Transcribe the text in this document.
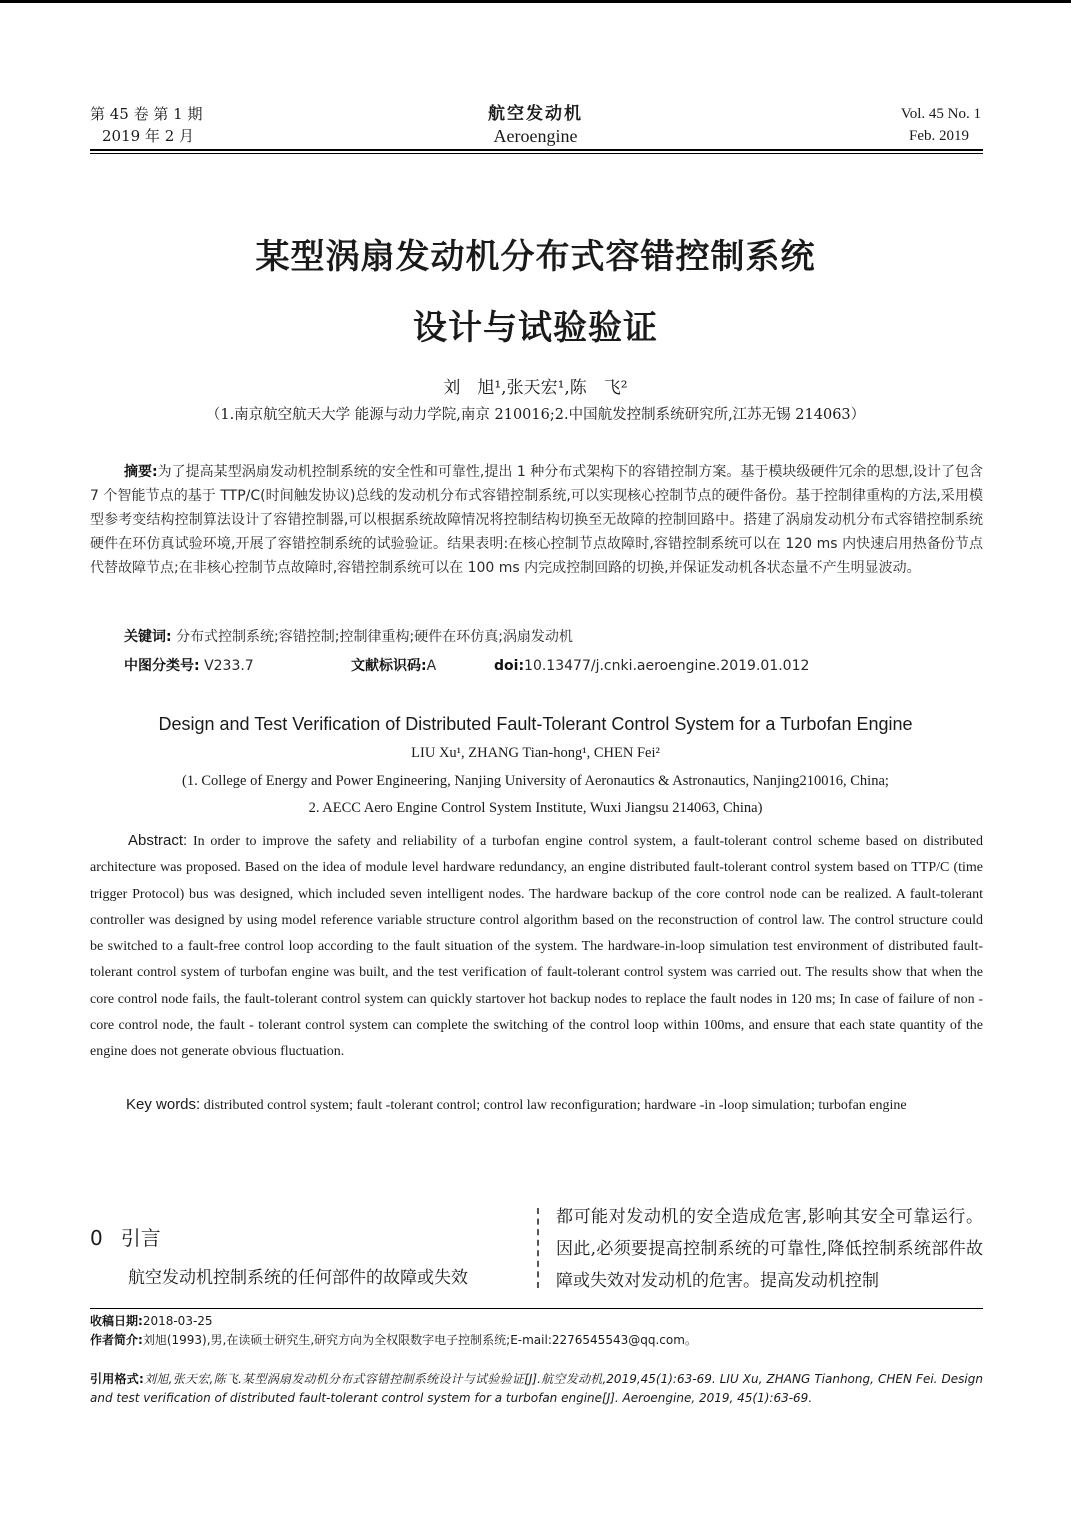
第 45 卷 第 1 期
2019 年 2 月
航空发动机
Aeroengine
Vol. 45 No. 1
Feb. 2019
某型涡扇发动机分布式容错控制系统
设计与试验验证
刘　旭¹,张天宏¹,陈　飞²
（1.南京航空航天大学 能源与动力学院,南京 210016;2.中国航发控制系统研究所,江苏无锡 214063）
摘要:为了提高某型涡扇发动机控制系统的安全性和可靠性,提出 1 种分布式架构下的容错控制方案。基于模块级硬件冗余的思想,设计了包含 7 个智能节点的基于 TTP/C(时间触发协议)总线的发动机分布式容错控制系统,可以实现核心控制节点的硬件备份。基于控制律重构的方法,采用模型参考变结构控制算法设计了容错控制器,可以根据系统故障情况将控制结构切换至无故障的控制回路中。搭建了涡扇发动机分布式容错控制系统硬件在环仿真试验环境,开展了容错控制系统的试验验证。结果表明:在核心控制节点故障时,容错控制系统可以在 120 ms 内快速启用热备份节点代替故障节点;在非核心控制节点故障时,容错控制系统可以在 100 ms 内完成控制回路的切换,并保证发动机各状态量不产生明显波动。
关键词: 分布式控制系统;容错控制;控制律重构;硬件在环仿真;涡扇发动机
中图分类号: V233.7	文献标识码:A	doi:10.13477/j.cnki.aeroengine.2019.01.012
Design and Test Verification of Distributed Fault-Tolerant Control System for a Turbofan Engine
LIU Xu¹, ZHANG Tian-hong¹, CHEN Fei²
(1. College of Energy and Power Engineering, Nanjing University of Aeronautics & Astronautics, Nanjing210016, China;
2. AECC Aero Engine Control System Institute, Wuxi Jiangsu 214063, China)
Abstract: In order to improve the safety and reliability of a turbofan engine control system, a fault-tolerant control scheme based on distributed architecture was proposed. Based on the idea of module level hardware redundancy, an engine distributed fault-tolerant control system based on TTP/C (time trigger Protocol) bus was designed, which included seven intelligent nodes. The hardware backup of the core control node can be realized. A fault-tolerant controller was designed by using model reference variable structure control algorithm based on the reconstruction of control law. The control structure could be switched to a fault-free control loop according to the fault situation of the system. The hardware-in-loop simulation test environment of distributed fault-tolerant control system of turbofan engine was built, and the test verification of fault-tolerant control system was carried out. The results show that when the core control node fails, the fault-tolerant control system can quickly startover hot backup nodes to replace the fault nodes in 120 ms; In case of failure of non - core control node, the fault - tolerant control system can complete the switching of the control loop within 100ms, and ensure that each state quantity of the engine does not generate obvious fluctuation.
Key words: distributed control system; fault -tolerant control; control law reconfiguration; hardware -in -loop simulation; turbofan engine
0 引言
航空发动机控制系统的任何部件的故障或失效
都可能对发动机的安全造成危害,影响其安全可靠运行。因此,必须要提高控制系统的可靠性,降低控制系统部件故障或失效对发动机的危害。提高发动机控制
收稿日期:2018-03-25
作者简介:刘旭(1993),男,在读硕士研究生,研究方向为全权限数字电子控制系统;E-mail:2276545543@qq.com。
引用格式:刘旭,张天宏,陈飞.某型涡扇发动机分布式容错控制系统设计与试验验证[J].航空发动机,2019,45(1):63-69. LIU Xu, ZHANG Tianhong, CHEN Fei. Design and test verification of distributed fault-tolerant control system for a turbofan engine[J]. Aeroengine, 2019, 45(1):63-69.
